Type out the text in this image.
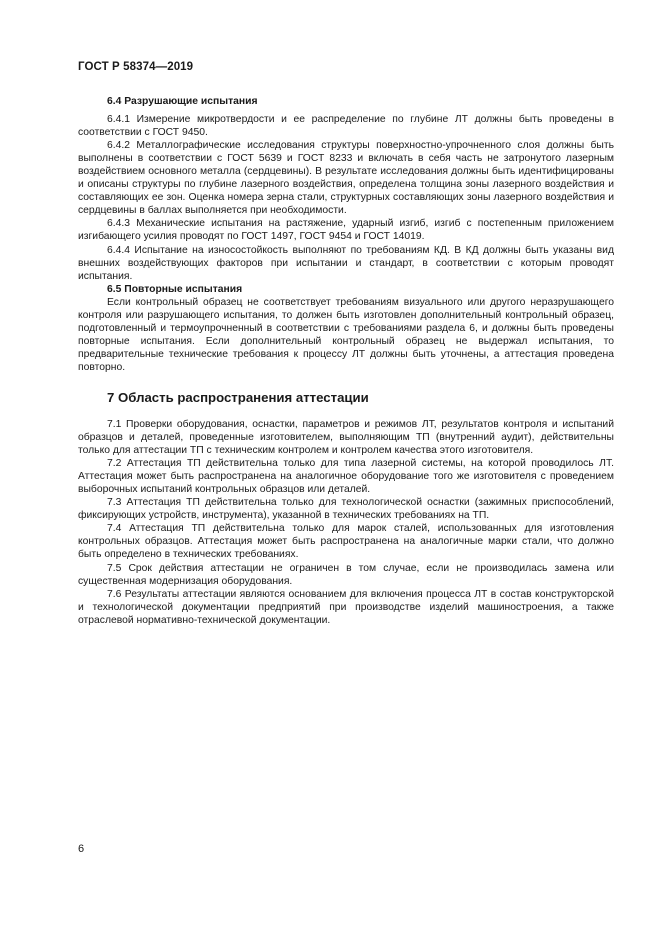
ГОСТ Р 58374—2019
6.4 Разрушающие испытания

6.4.1 Измерение микротвердости и ее распределение по глубине ЛТ должны быть проведены в соответствии с ГОСТ 9450.

6.4.2 Металлографические исследования структуры поверхностно-упрочненного слоя должны быть выполнены в соответствии с ГОСТ 5639 и ГОСТ 8233 и включать в себя часть не затронутого лазерным воздействием основного металла (сердцевины). В результате исследования должны быть идентифицированы и описаны структуры по глубине лазерного воздействия, определена толщина зоны лазерного воздействия и составляющих ее зон. Оценка номера зерна стали, структурных составляющих зоны лазерного воздействия и сердцевины в баллах выполняется при необходимости.

6.4.3 Механические испытания на растяжение, ударный изгиб, изгиб с постепенным приложением изгибающего усилия проводят по ГОСТ 1497, ГОСТ 9454 и ГОСТ 14019.

6.4.4 Испытание на износостойкость выполняют по требованиям КД. В КД должны быть указаны вид внешних воздействующих факторов при испытании и стандарт, в соответствии с которым проводят испытания.

6.5 Повторные испытания

Если контрольный образец не соответствует требованиям визуального или другого неразрушающего контроля или разрушающего испытания, то должен быть изготовлен дополнительный контрольный образец, подготовленный и термоупрочненный в соответствии с требованиями раздела 6, и должны быть проведены повторные испытания. Если дополнительный контрольный образец не выдержал испытания, то предварительные технические требования к процессу ЛТ должны быть уточнены, а аттестация проведена повторно.

7 Область распространения аттестации

7.1 Проверки оборудования, оснастки, параметров и режимов ЛТ, результатов контроля и испытаний образцов и деталей, проведенные изготовителем, выполняющим ТП (внутренний аудит), действительны только для аттестации ТП с техническим контролем и контролем качества этого изготовителя.

7.2 Аттестация ТП действительна только для типа лазерной системы, на которой проводилось ЛТ. Аттестация может быть распространена на аналогичное оборудование того же изготовителя с проведением выборочных испытаний контрольных образцов или деталей.

7.3 Аттестация ТП действительна только для технологической оснастки (зажимных приспособлений, фиксирующих устройств, инструмента), указанной в технических требованиях на ТП.

7.4 Аттестация ТП действительна только для марок сталей, использованных для изготовления контрольных образцов. Аттестация может быть распространена на аналогичные марки стали, что должно быть определено в технических требованиях.

7.5 Срок действия аттестации не ограничен в том случае, если не производилась замена или существенная модернизация оборудования.

7.6 Результаты аттестации являются основанием для включения процесса ЛТ в состав конструкторской и технологической документации предприятий при производстве изделий машиностроения, а также отраслевой нормативно-технической документации.

6
